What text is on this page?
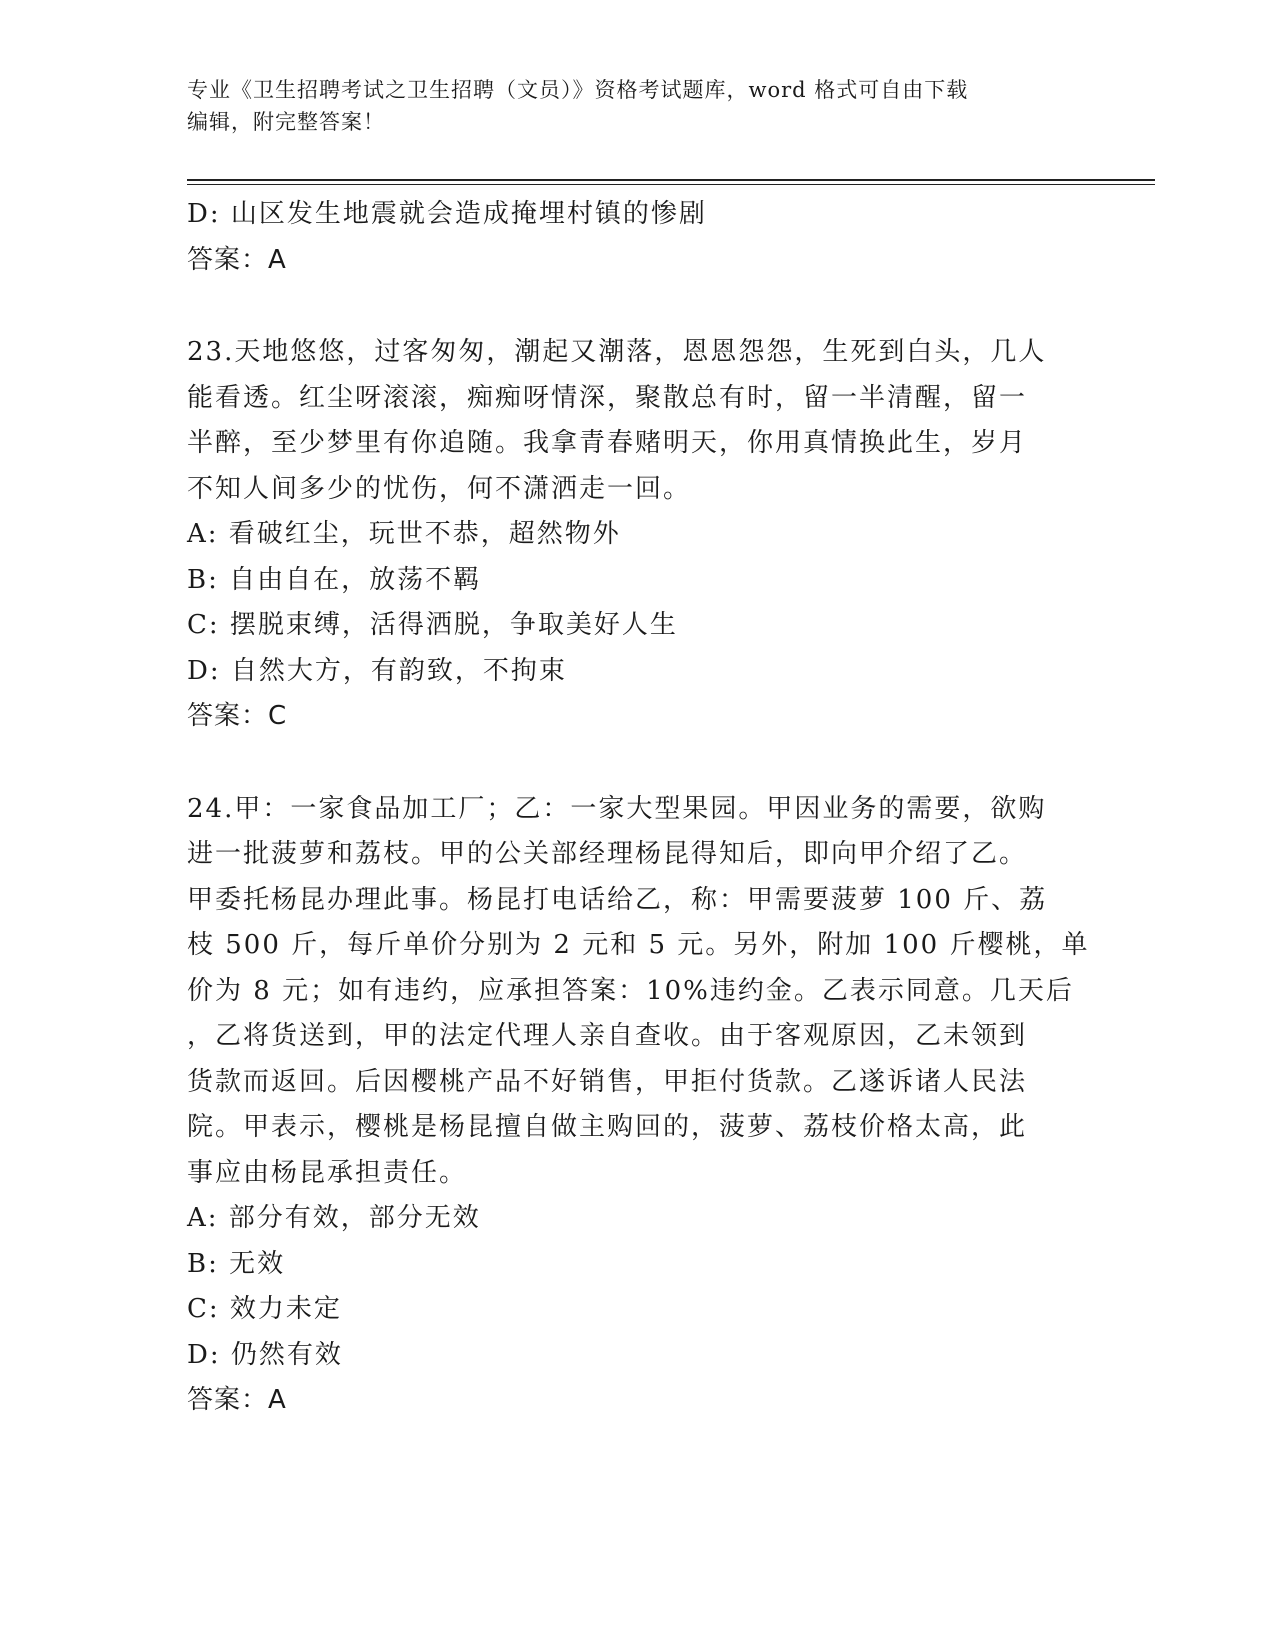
专业《卫生招聘考试之卫生招聘（文员）》资格考试题库，word 格式可自由下载
编辑，附完整答案！
D: 山区发生地震就会造成掩埋村镇的惨剧
答案：A
23.天地悠悠，过客匆匆，潮起又潮落，恩恩怨怨，生死到白头，几人
能看透。红尘呀滚滚，痴痴呀情深，聚散总有时，留一半清醒，留一
半醉，至少梦里有你追随。我拿青春赌明天，你用真情换此生，岁月
不知人间多少的忧伤，何不潇洒走一回。
A: 看破红尘，玩世不恭，超然物外
B: 自由自在，放荡不羁
C: 摆脱束缚，活得洒脱，争取美好人生
D: 自然大方，有韵致，不拘束
答案：C
24.甲：一家食品加工厂；乙：一家大型果园。甲因业务的需要，欲购
进一批菠萝和荔枝。甲的公关部经理杨昆得知后，即向甲介绍了乙。
甲委托杨昆办理此事。杨昆打电话给乙，称：甲需要菠萝 100 斤、荔
枝 500 斤，每斤单价分别为 2 元和 5 元。另外，附加 100 斤樱桃，单
价为 8 元；如有违约，应承担答案：10%违约金。乙表示同意。几天后
，乙将货送到，甲的法定代理人亲自查收。由于客观原因，乙未领到
货款而返回。后因樱桃产品不好销售，甲拒付货款。乙遂诉诸人民法
院。甲表示，樱桃是杨昆擅自做主购回的，菠萝、荔枝价格太高，此
事应由杨昆承担责任。
A: 部分有效，部分无效
B: 无效
C: 效力未定
D: 仍然有效
答案：A
